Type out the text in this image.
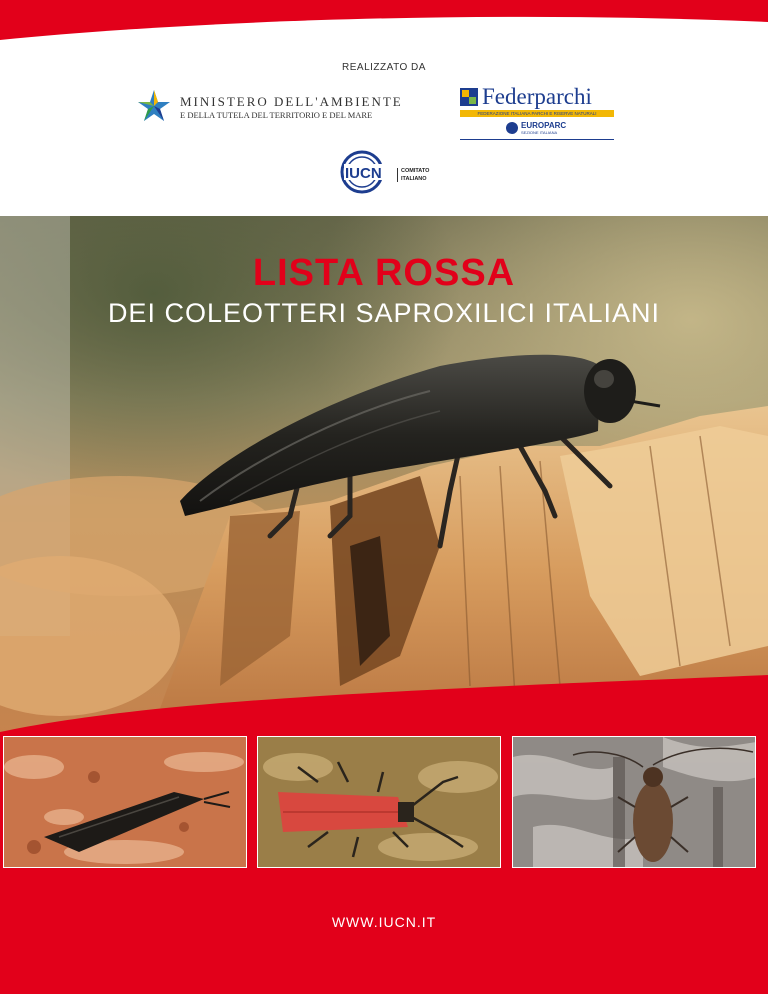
REALIZZATO DA
MINISTERO DELL'AMBIENTE
E DELLA TUTELA DEL TERRITORIO E DEL MARE
Federparchi
FEDERAZIONE ITALIANA PARCHI E RISERVE NATURALI
EUROPARC
SEZIONE ITALIANA
IUCN	COMITATO
ITALIANO
LISTA ROSSA
DEI COLEOTTERI SAPROXILICI ITALIANI
WWW.IUCN.IT
